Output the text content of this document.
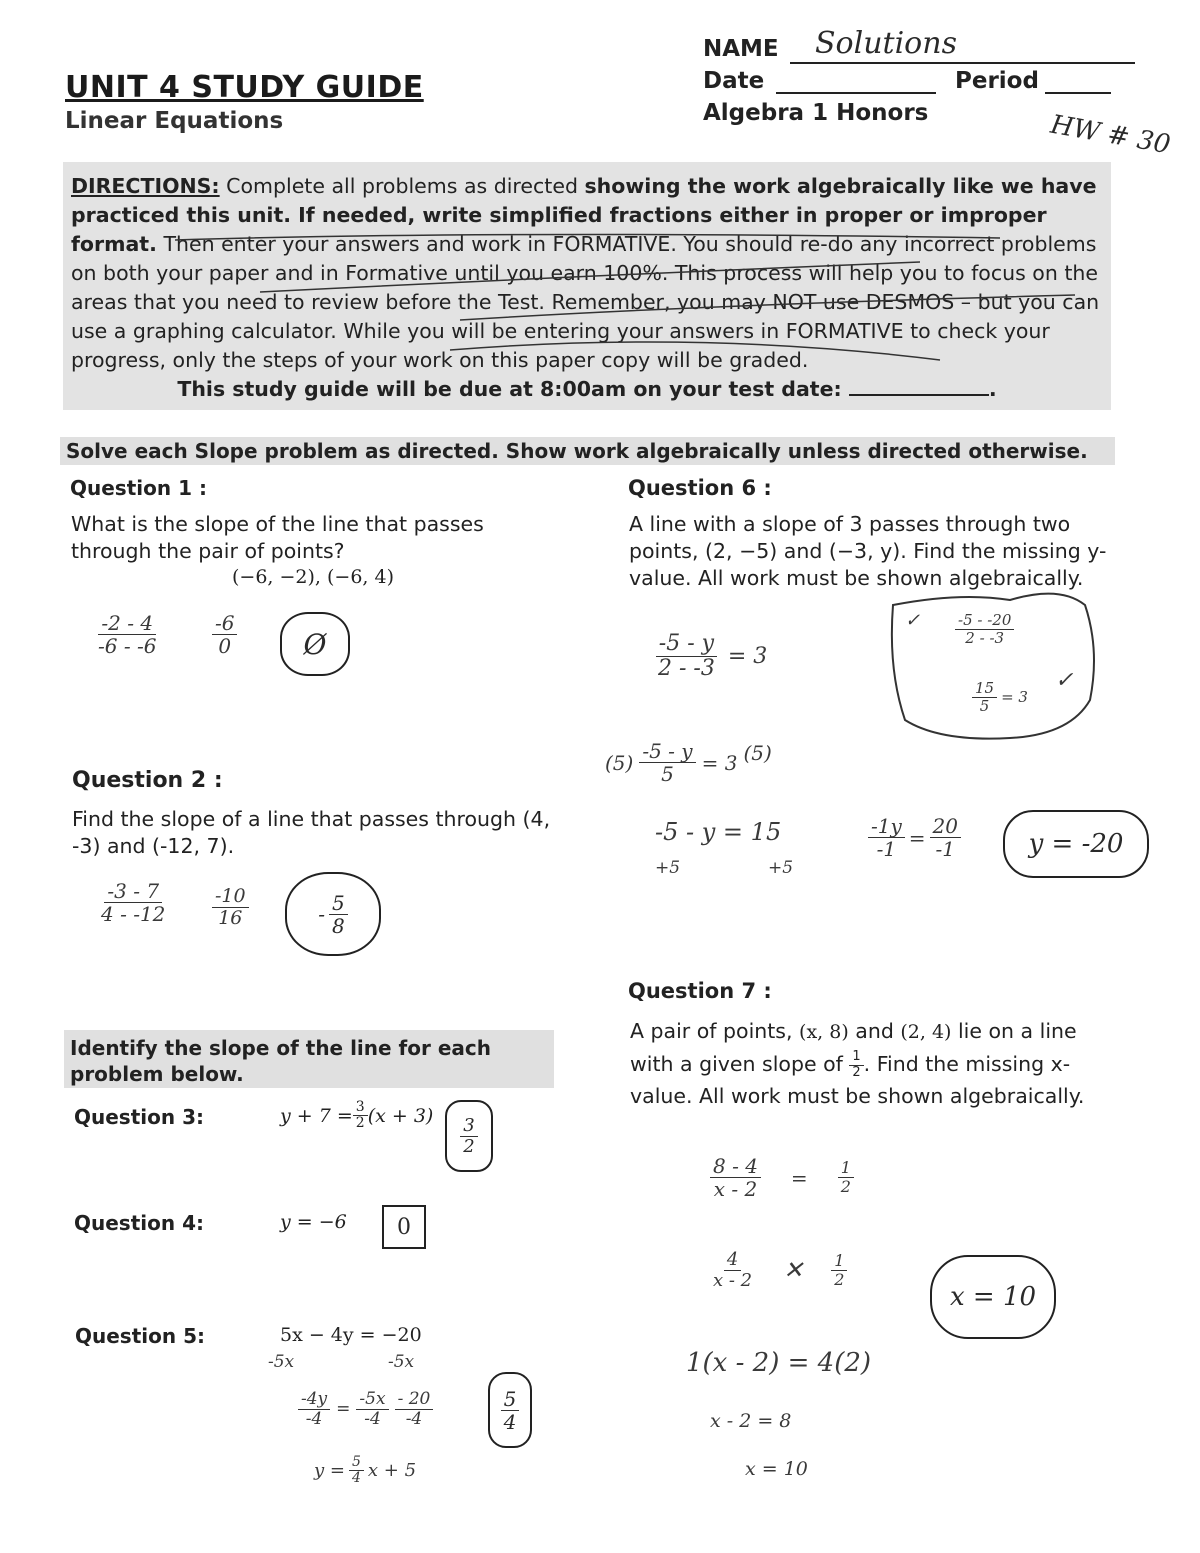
UNIT 4 STUDY GUIDE
Linear Equations
NAME Solutions
Date	Period
Algebra 1 Honors	HW # 30
DIRECTIONS: Complete all problems as directed showing the work algebraically like we have practiced this unit. If needed, write simplified fractions either in proper or improper format. Then enter your answers and work in FORMATIVE. You should re-do any incorrect problems on both your paper and in Formative until you earn 100%. This process will help you to focus on the areas that you need to review before the Test. Remember, you may NOT use DESMOS – but you can use a graphing calculator. While you will be entering your answers in FORMATIVE to check your progress, only the steps of your work on this paper copy will be graded.
This study guide will be due at 8:00am on your test date:	.
Solve each Slope problem as directed. Show work algebraically unless directed otherwise.
Question 1 :
What is the slope of the line that passes through the pair of points?
(−6, −2), (−6, 4)
$\frac{-2 - 4}{-6 - -6}$	$\frac{-6}{0}$	Ø
Question 2 :
Find the slope of a line that passes through (4, -3) and (-12, 7).
$\frac{-3 - 7}{4 - -12} \frac{-10}{16}$	- $\frac{5}{8}$
Identify the slope of the line for each problem below.
Question 3:	$y + 7 = \frac{3}{2} (x + 3) \frac{3}{2}$
Question 4:	y = −6	0
Question 5:	5x − 4y = −20
-5x	-5x
$\frac{-4y}{-4} = \frac{-5x}{-4} \frac{- 20}{-4}$
$y = \frac{5}{4}$ x + 5
$\frac{5}{4}$
Question 6 :
A line with a slope of 3 passes through two points, (2, −5) and (−3, y). Find the missing y-value. All work must be shown algebraically.
✓ $\frac{-5 - -20}{2 - -3}$
$\frac{15}{5} = 3$
✓
$\frac{-5 - y}{2 - -3} = 3$
$(5) \frac{-5 - y}{5} = 3$ (5)
-5 - y = 15
+5	+5
$\frac{-1y}{-1} = \frac{20}{-1}$	y = -20
Question 7 :
A pair of points, (x, 8) and (2, 4) lie on a line with a given slope of $\frac{1}{2}$ . Find the missing x-value. All work must be shown algebraically.
$\frac{8 - 4}{x - 2} = \frac{1}{2}$
$\frac{4}{x - 2}$ ✕ $\frac{1}{2}$
x = 10
1(x - 2) = 4(2)
x - 2 = 8
x = 10
